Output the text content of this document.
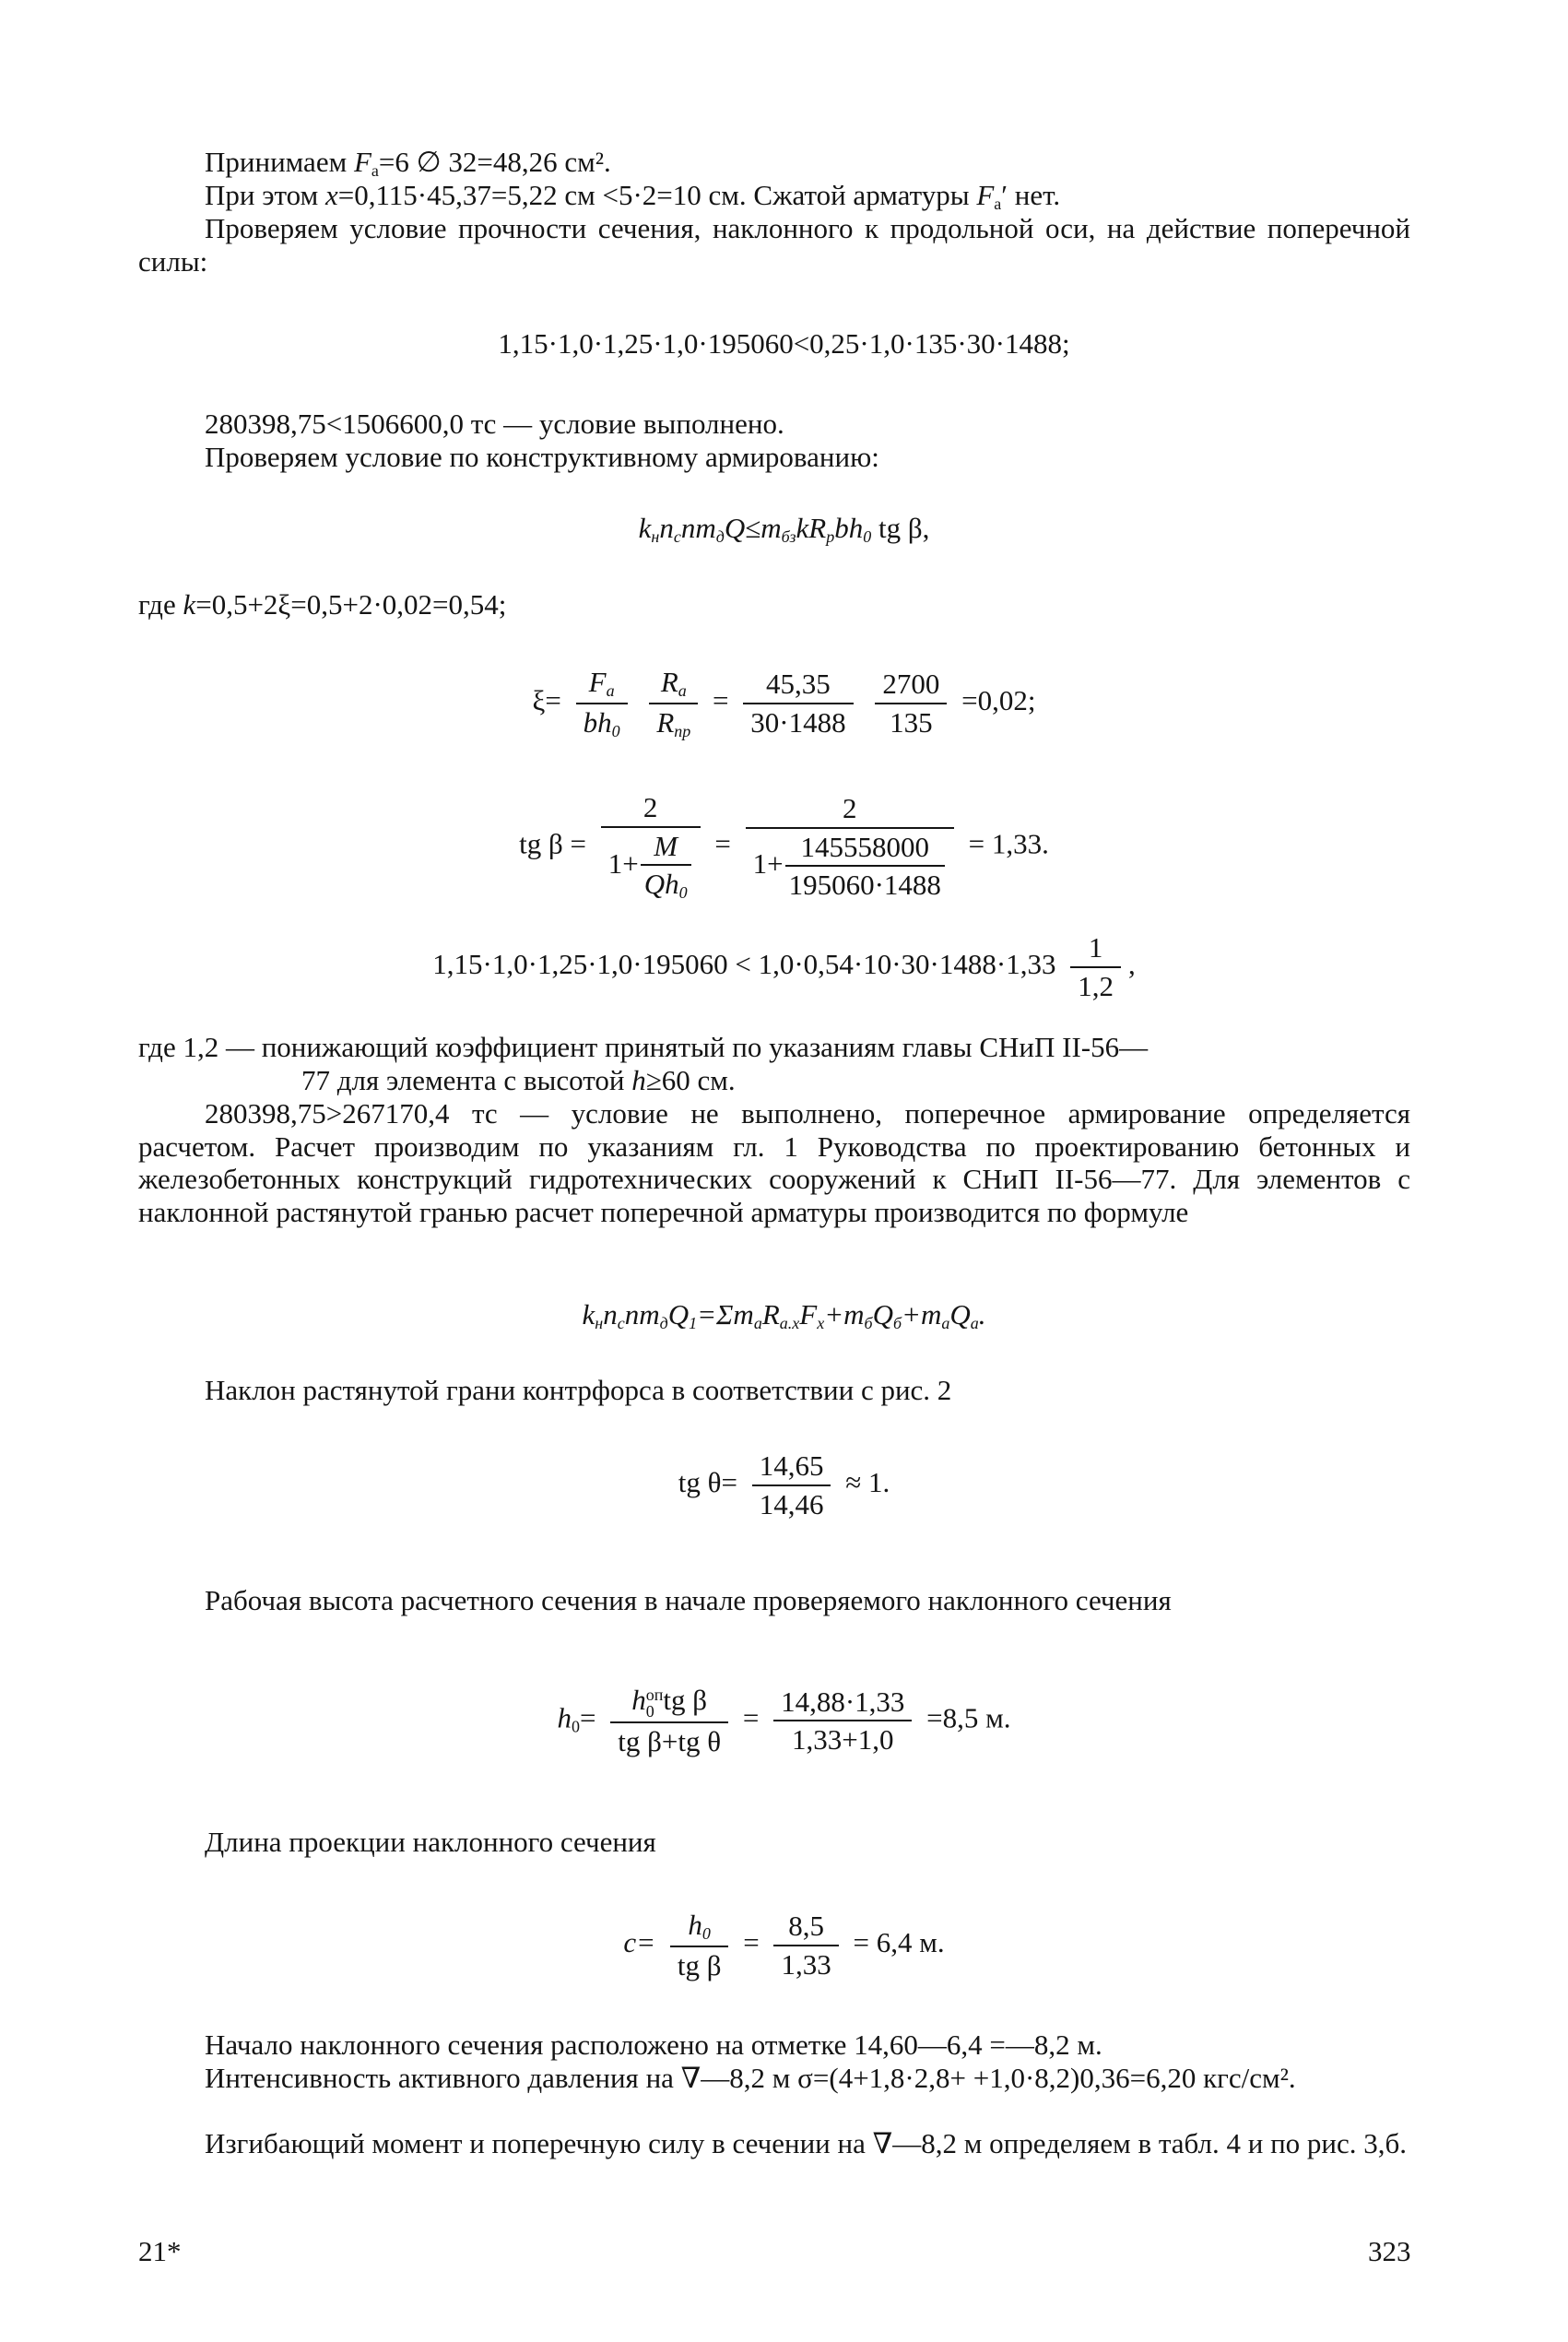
Принимаем $F_а=6$ ∅ 32=48,26 см².

При этом x=0,115·45,37=5,22 см <5·2=10 см. Сжатой арматуры $F_а'$ нет.

Проверяем условие прочности сечения, наклонного к продольной оси, на действие поперечной силы:

1,15·1,0·1,25·1,0·195060<0,25·1,0·135·30·1488;

280398,75<1506600,0 тс — условие выполнено.

Проверяем условие по конструктивному армированию:

$k_нn_сnm_дQ\le m_{бз}kR_рbh_0$ tg β,

где k=0,5+2ξ=0,5+2·0,02=0,54;

$\xi= \frac{F_а}{bh_0}$
$\frac{R_а}{R_{пр}} = \frac{45,35}{30\cdot 1488}$
$\frac{2700}{135} =0,02$;
tg $\beta = \frac{2}{1+ \frac{M}{Qh_0}} = \frac{2}{1+ \frac{145558000}{195060\cdot 1488}} = 1,33$.
$1,15\cdot 1,0\cdot 1,25\cdot 1,0\cdot 195060 < 1,0\cdot 0,54\cdot 10\cdot 30\cdot 1488\cdot 1,33 \frac{1}{1,2}$ ,

где 1,2 — понижающий коэффициент принятый по указаниям главы СНиП II-56—
77 для элемента с высотой h≥60 см.

280398,75>267170,4 тс — условие не выполнено, поперечное армирование определяется расчетом. Расчет производим по указаниям гл. 1 Руководства по проектированию бетонных и железобетонных конструкций гидротехнических сооружений к СНиП II-56—77. Для элементов с наклонной растянутой гранью расчет поперечной арматуры производится по формуле

$k_нn_сnm_дQ_1=\Sigma m_аR_{а.х}F_х+m_бQ_б+m_аQ_а$.

Наклон растянутой грани контрфорса в соответствии с рис. 2

tg $\theta= \frac{14,65}{14,46} \approx 1$.

Рабочая высота расчетного сечения в начале проверяемого наклонного сечения

$h_0= h$ оп
0 tg β
tg β+tg $\theta = \frac{14,88\cdot 1,33}{1,33+1,0} =8,5$ м.

Длина проекции наклонного сечения

$c= \frac{h_0}{\text{tg β}} = \frac{8,5}{1,33} = 6,4$ м.

Начало наклонного сечения расположено на отметке 14,60—6,4 =—8,2 м.

Интенсивность активного давления на ∇—8,2 м σ=(4+1,8·2,8+ +1,0·8,2)0,36=6,20 кгс/см².

Изгибающий момент и поперечную силу в сечении на ∇—8,2 м определяем в табл. 4 и по рис. 3,б.

21*	323
